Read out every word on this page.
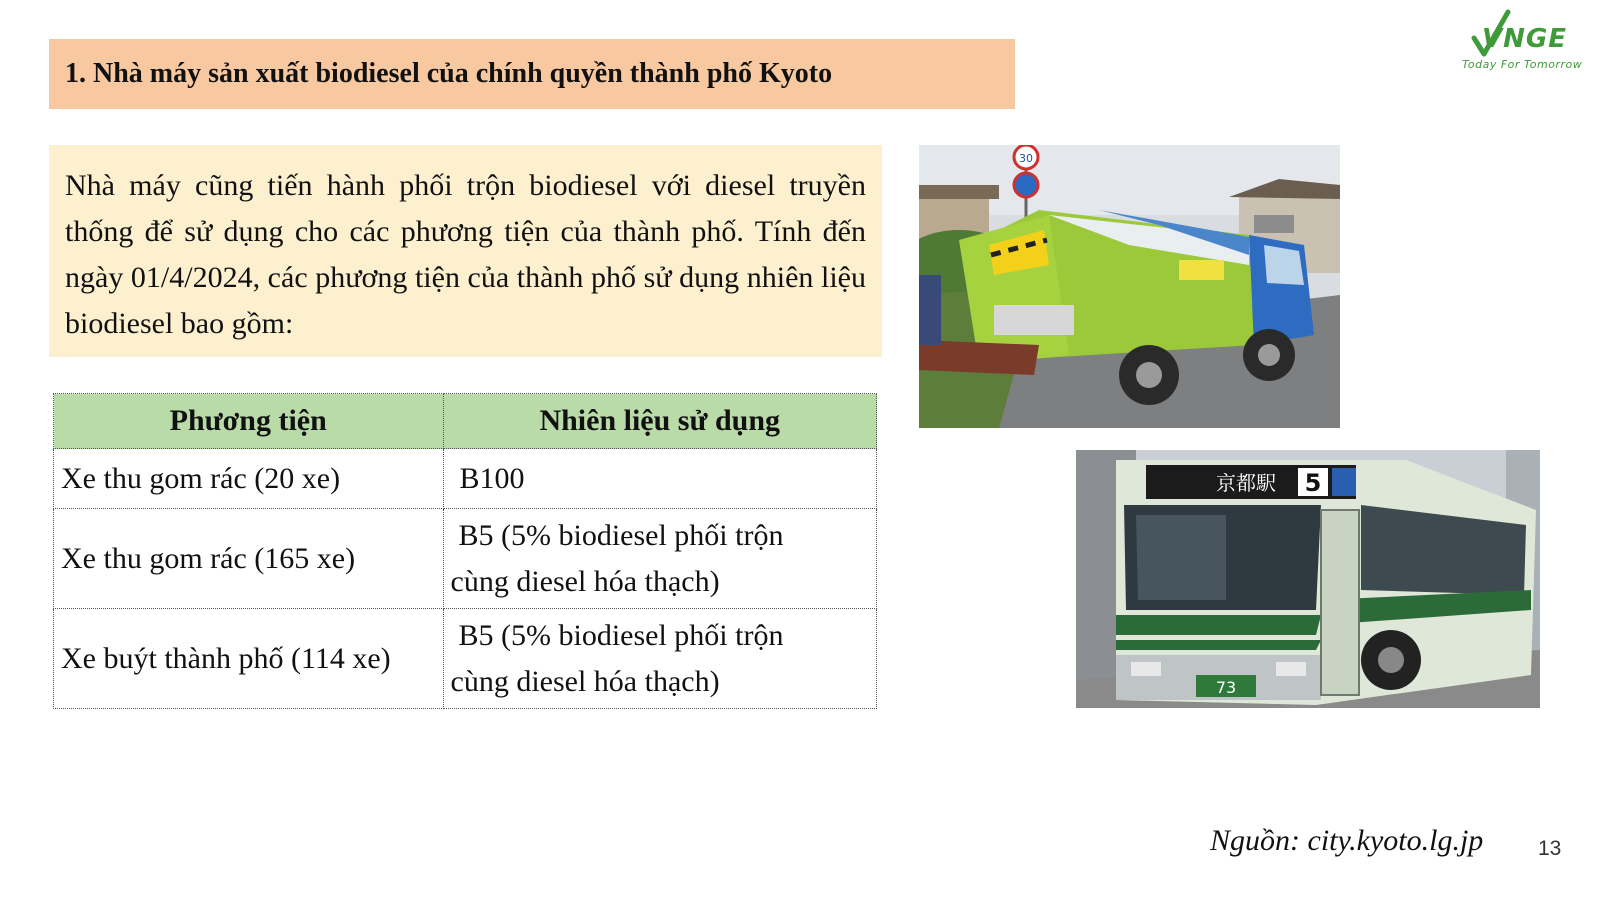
1. Nhà máy sản xuất biodiesel của chính quyền thành phố Kyoto
VNGE
Today For Tomorrow
Nhà máy cũng tiến hành phối trộn biodiesel với diesel truyền thống để sử dụng cho các phương tiện của thành phố. Tính đến ngày 01/4/2024, các phương tiện của thành phố sử dụng nhiên liệu biodiesel bao gồm:
Phương tiện	Nhiên liệu sử dụng
Xe thu gom rác (20 xe)	B100

Xe thu gom rác (165 xe)	B5 (5% biodiesel phối trộn
cùng diesel hóa thạch)

Xe buýt thành phố (114 xe)	B5 (5% biodiesel phối trộn
cùng diesel hóa thạch)
30
京都駅 5
73
Nguồn: city.kyoto.lg.jp	13
